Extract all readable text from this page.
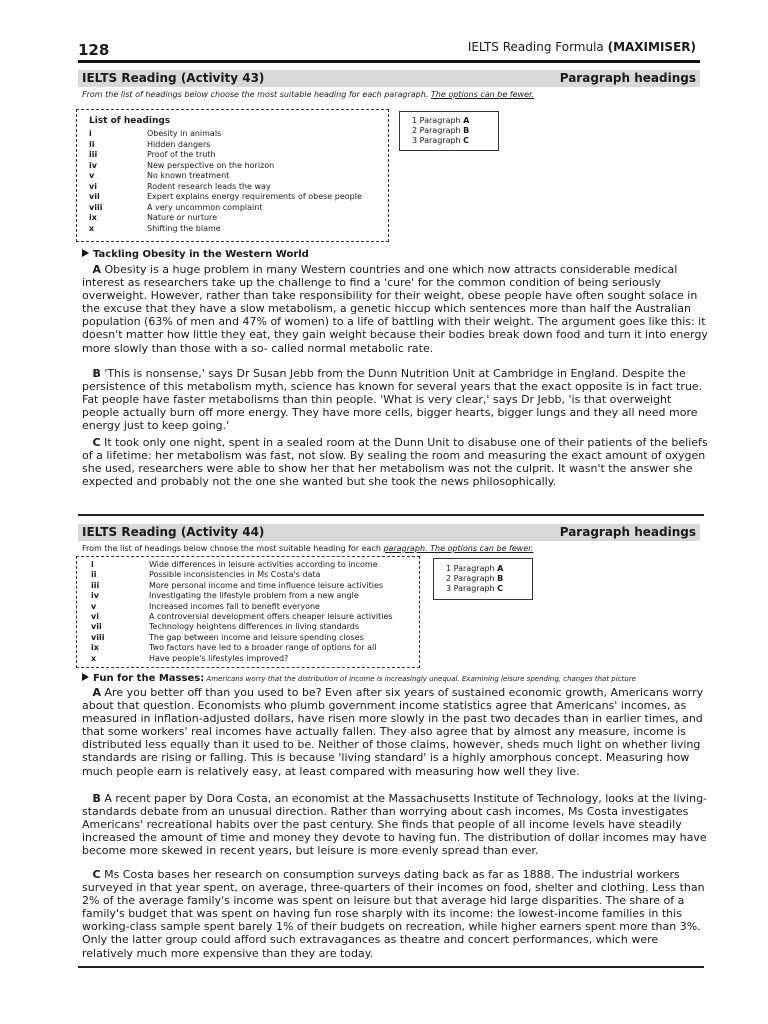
128	IELTS Reading Formula (MAXIMISER)
IELTS Reading (Activity 43)	Paragraph headings
From the list of headings below choose the most suitable heading for each paragraph. The options can be fewer.
List of headings
i	Obesity in animals
ii	Hidden dangers
iii	Proof of the truth
iv	New perspective on the horizon
v	No known treatment
vi	Rodent research leads the way
vii	Expert explains energy requirements of obese people
viii	A very uncommon complaint
ix	Nature or nurture
x	Shifting the blame
1 Paragraph A
2 Paragraph B
3 Paragraph C
Tackling Obesity in the Western World
A Obesity is a huge problem in many Western countries and one which now attracts considerable medical interest as researchers take up the challenge to find a 'cure' for the common condition of being seriously overweight. However, rather than take responsibility for their weight, obese people have often sought solace in the excuse that they have a slow metabolism, a genetic hiccup which sentences more than half the Australian population (63% of men and 47% of women) to a life of battling with their weight. The argument goes like this: it doesn't matter how little they eat, they gain weight because their bodies break down food and turn it into energy more slowly than those with a so- called normal metabolic rate.
B 'This is nonsense,' says Dr Susan Jebb from the Dunn Nutrition Unit at Cambridge in England. Despite the persistence of this metabolism myth, science has known for several years that the exact opposite is in fact true. Fat people have faster metabolisms than thin people. 'What is very clear,' says Dr Jebb, 'is that overweight people actually burn off more energy. They have more cells, bigger hearts, bigger lungs and they all need more energy just to keep going.'
C It took only one night, spent in a sealed room at the Dunn Unit to disabuse one of their patients of the beliefs of a lifetime: her metabolism was fast, not slow. By sealing the room and measuring the exact amount of oxygen she used, researchers were able to show her that her metabolism was not the culprit. It wasn't the answer she expected and probably not the one she wanted but she took the news philosophically.
IELTS Reading (Activity 44)	Paragraph headings
From the list of headings below choose the most suitable heading for each paragraph. The options can be fewer.
i	Wide differences in leisure activities according to income
ii	Possible inconsistencies in Ms Costa's data
iii	More personal income and time influence leisure activities
iv	Investigating the lifestyle problem from a new angle
v	Increased incomes fail to benefit everyone
vi	A controversial development offers cheaper leisure activities
vii	Technology heightens differences in living standards
viii	The gap between income and leisure spending closes
ix	Two factors have led to a broader range of options for all
x	Have people's lifestyles improved?
1 Paragraph A
2 Paragraph B
3 Paragraph C
Fun for the Masses: Americans worry that the distribution of income is increasingly unequal. Examining leisure spending, changes that picture
A Are you better off than you used to be? Even after six years of sustained economic growth, Americans worry about that question. Economists who plumb government income statistics agree that Americans' incomes, as measured in inflation-adjusted dollars, have risen more slowly in the past two decades than in earlier times, and that some workers' real incomes have actually fallen. They also agree that by almost any measure, income is distributed less equally than it used to be. Neither of those claims, however, sheds much light on whether living standards are rising or falling. This is because 'living standard' is a highly amorphous concept. Measuring how much people earn is relatively easy, at least compared with measuring how well they live.
B A recent paper by Dora Costa, an economist at the Massachusetts Institute of Technology, looks at the living-standards debate from an unusual direction. Rather than worrying about cash incomes, Ms Costa investigates Americans' recreational habits over the past century. She finds that people of all income levels have steadily increased the amount of time and money they devote to having fun. The distribution of dollar incomes may have become more skewed in recent years, but leisure is more evenly spread than ever.
C Ms Costa bases her research on consumption surveys dating back as far as 1888. The industrial workers surveyed in that year spent, on average, three-quarters of their incomes on food, shelter and clothing. Less than 2% of the average family's income was spent on leisure but that average hid large disparities. The share of a family's budget that was spent on having fun rose sharply with its income: the lowest-income families in this working-class sample spent barely 1% of their budgets on recreation, while higher earners spent more than 3%. Only the latter group could afford such extravagances as theatre and concert performances, which were relatively much more expensive than they are today.
